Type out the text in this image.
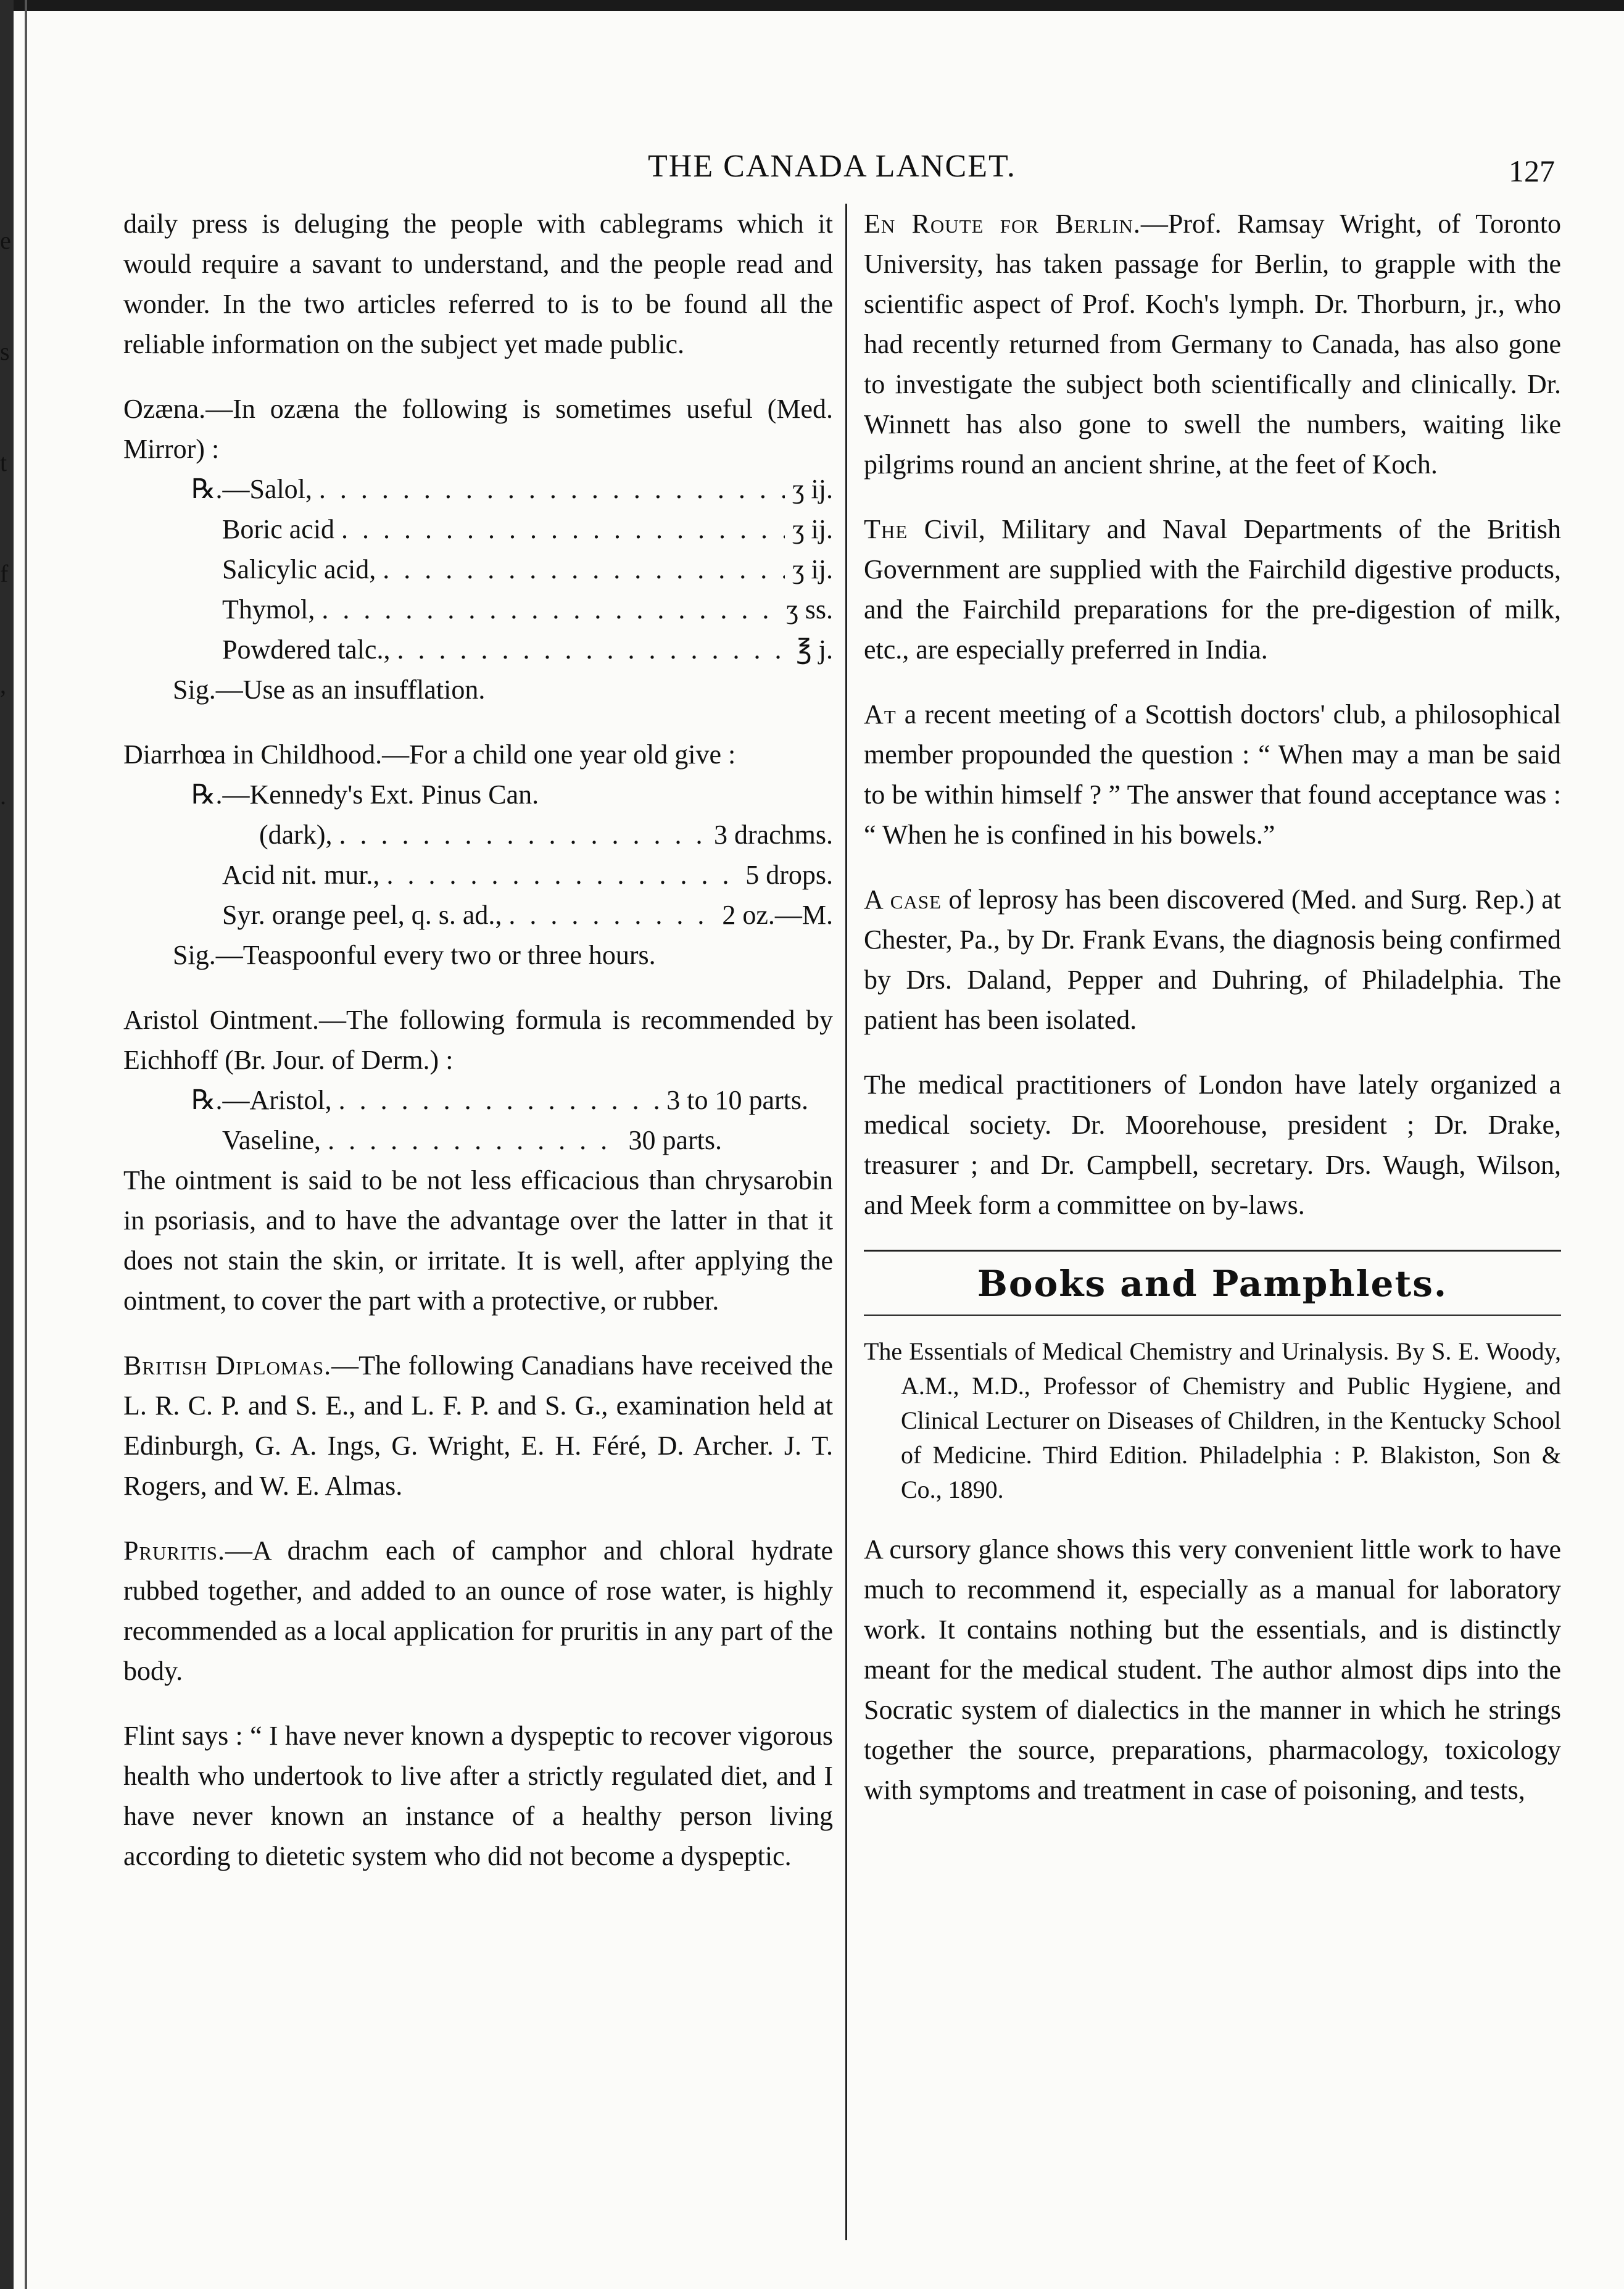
e
s
t
f
,
.
THE CANADA LANCET.	127

daily press is deluging the people with cablegrams which it would require a savant to understand, and the people read and wonder. In the two articles referred to is to be found all the reliable information on the subject yet made public.

Ozæna.—In ozæna the following is sometimes useful (Med. Mirror) :

℞.—Salol, . . .	ʒ ij.
Boric acid . . .	ʒ ij.
Salicylic acid, . . .	ʒ ij.
Thymol, . . .	ʒ ss.
Powdered talc., . . .	℥ j.

Sig.—Use as an insufflation.

Diarrhœa in Childhood.—For a child one year old give :

℞.—Kennedy's Ext. Pinus Can.

(dark), . . .	3 drachms.
Acid nit. mur., . . .	5 drops.
Syr. orange peel, q. s. ad., . . .	2 oz.—M.

Sig.—Teaspoonful every two or three hours.

Aristol Ointment.—The following formula is recommended by Eichhoff (Br. Jour. of Derm.) :

℞.—Aristol, . . .	3 to 10 parts.
Vaseline, . . .	30 parts.

The ointment is said to be not less efficacious than chrysarobin in psoriasis, and to have the advantage over the latter in that it does not stain the skin, or irritate. It is well, after applying the ointment, to cover the part with a protective, or rubber.

British Diplomas.—The following Canadians have received the L. R. C. P. and S. E., and L. F. P. and S. G., examination held at Edinburgh, G. A. Ings, G. Wright, E. H. Féré, D. Archer. J. T. Rogers, and W. E. Almas.

Pruritis.—A drachm each of camphor and chloral hydrate rubbed together, and added to an ounce of rose water, is highly recommended as a local application for pruritis in any part of the body.

Flint says : “ I have never known a dyspeptic to recover vigorous health who undertook to live after a strictly regulated diet, and I have never known an instance of a healthy person living according to dietetic system who did not become a dyspeptic.

En Route for Berlin.—Prof. Ramsay Wright, of Toronto University, has taken passage for Berlin, to grapple with the scientific aspect of Prof. Koch's lymph. Dr. Thorburn, jr., who had recently returned from Germany to Canada, has also gone to investigate the subject both scientifically and clinically. Dr. Winnett has also gone to swell the numbers, waiting like pilgrims round an ancient shrine, at the feet of Koch.

The Civil, Military and Naval Departments of the British Government are supplied with the Fairchild digestive products, and the Fairchild preparations for the pre-digestion of milk, etc., are especially preferred in India.

At a recent meeting of a Scottish doctors' club, a philosophical member propounded the question : “ When may a man be said to be within himself ? ” The answer that found acceptance was : “ When he is confined in his bowels.”

A case of leprosy has been discovered (Med. and Surg. Rep.) at Chester, Pa., by Dr. Frank Evans, the diagnosis being confirmed by Drs. Daland, Pepper and Duhring, of Philadelphia. The patient has been isolated.

The medical practitioners of London have lately organized a medical society. Dr. Moorehouse, president ; Dr. Drake, treasurer ; and Dr. Campbell, secretary. Drs. Waugh, Wilson, and Meek form a committee on by-laws.

Books and Pamphlets.

The Essentials of Medical Chemistry and Urinalysis. By S. E. Woody, A.M., M.D., Professor of Chemistry and Public Hygiene, and Clinical Lecturer on Diseases of Children, in the Kentucky School of Medicine. Third Edition. Philadelphia : P. Blakiston, Son & Co., 1890.

A cursory glance shows this very convenient little work to have much to recommend it, especially as a manual for laboratory work. It contains nothing but the essentials, and is distinctly meant for the medical student. The author almost dips into the Socratic system of dialectics in the manner in which he strings together the source, preparations, pharmacology, toxicology with symptoms and treatment in case of poisoning, and tests,
